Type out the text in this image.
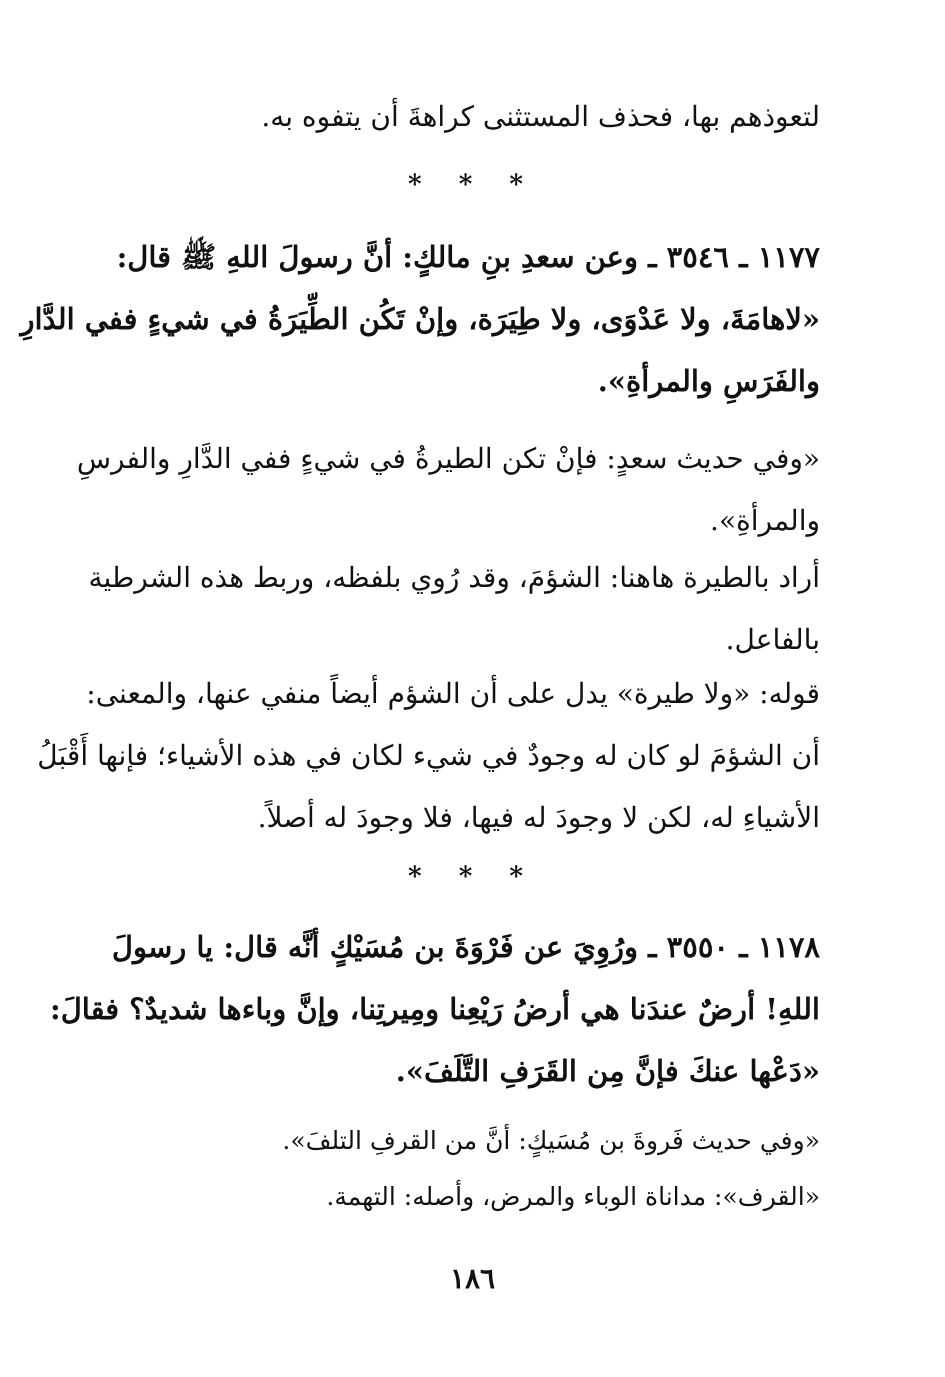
لتعوذهم بها، فحذف المستثنى كراهةَ أن يتفوه به.
* * *
١١٧٧ ـ ٣٥٤٦ ـ وعن سعدِ بنِ مالكٍ: أنَّ رسولَ اللهِ ﷺ قال:
«لاهامَةَ، ولا عَدْوَى، ولا طِيَرَة، وإنْ تَكُن الطِّيَرَةُ في شيءٍ ففي الدَّارِ
والفَرَسِ والمرأةِ».
«وفي حديث سعدٍ: فإنْ تكن الطيرةُ في شيءٍ ففي الدَّارِ والفرسِ
والمرأةِ».
أراد بالطيرة هاهنا: الشؤمَ، وقد رُوي بلفظه، وربط هذه الشرطية
بالفاعل.
قوله: «ولا طيرة» يدل على أن الشؤم أيضاً منفي عنها، والمعنى:
أن الشؤمَ لو كان له وجودٌ في شيء لكان في هذه الأشياء؛ فإنها أَقْبَلُ
الأشياءِ له، لكن لا وجودَ له فيها، فلا وجودَ له أصلاً.
* * *
١١٧٨ ـ ٣٥٥٠ ـ ورُوِيَ عن فَرْوَةَ بن مُسَيْكٍ أنَّه قال: يا رسولَ
اللهِ! أرضٌ عندَنا هي أرضُ رَيْعِنا ومِيرتِنا، وإنَّ وباءها شديدٌ؟ فقالَ:
«دَعْها عنكَ فإنَّ مِن القَرَفِ التَّلَفَ».
«وفي حديث فَروةَ بن مُسَيكٍ: أنَّ من القرفِ التلفَ».
«القرف»: مداناة الوباء والمرض، وأصله: التهمة.
١٨٦
